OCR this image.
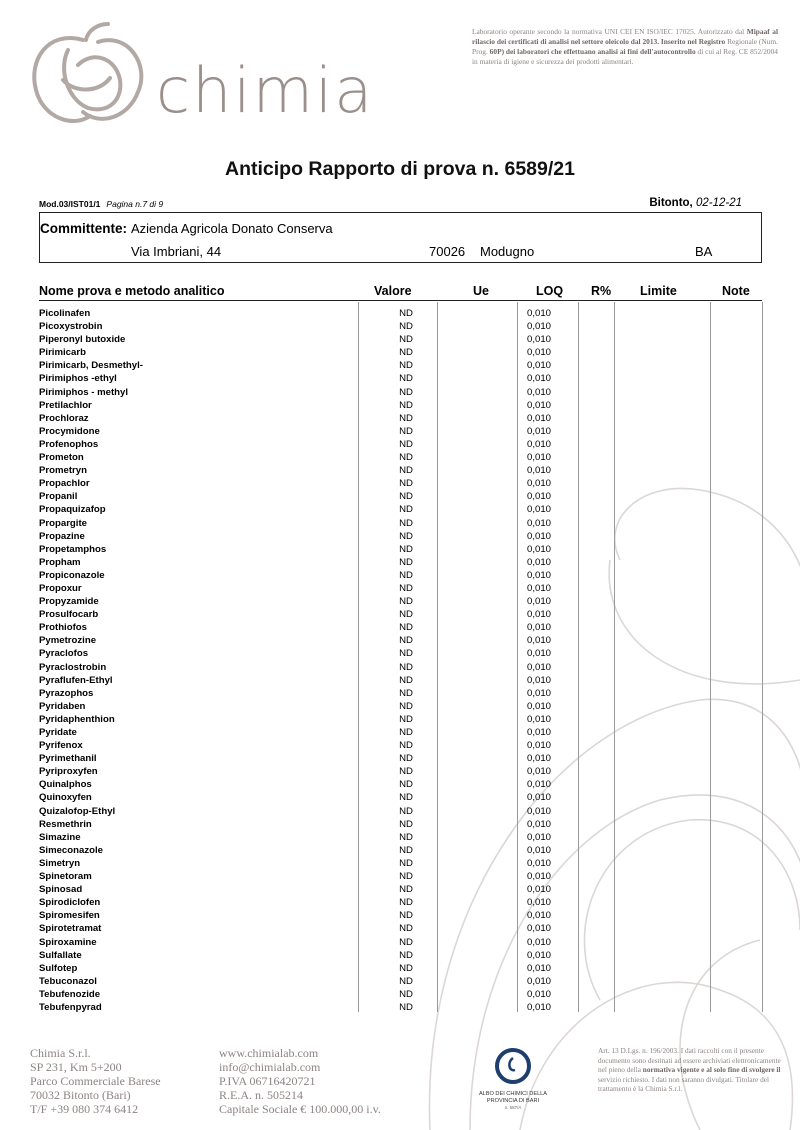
chimia
Laboratorio operante secondo la normativa UNI CEI EN ISO/IEC 17025. Autorizzato dal Mipaaf al rilascio dei certificati di analisi nel settore oleicolo dal 2013. Inserito nel Registro Regionale (Num. Prog. 60P) dei laboratori che effettuano analisi ai fini dell'autocontrollo di cui al Reg. CE 852/2004 in materia di igiene e sicurezza dei prodotti alimentari.
Anticipo Rapporto di prova n. 6589/21
Mod.03/IST01/1 Pagina n.7 di 9	Bitonto, 02-12-21
Committente: Azienda Agricola Donato Conserva
Via Imbriani, 44	70026 Modugno	BA
Nome prova e metodo analitico	Valore	Ue	LOQ R% Limite	Note
Picolinafen	ND	0,010
Picoxystrobin	ND	0,010
Piperonyl butoxide	ND	0,010
Pirimicarb	ND	0,010
Pirimicarb, Desmethyl-	ND	0,010
Pirimiphos -ethyl	ND	0,010
Pirimiphos - methyl	ND	0,010
Pretilachlor	ND	0,010
Prochloraz	ND	0,010
Procymidone	ND	0,010
Profenophos	ND	0,010
Prometon	ND	0,010
Prometryn	ND	0,010
Propachlor	ND	0,010
Propanil	ND	0,010
Propaquizafop	ND	0,010
Propargite	ND	0,010
Propazine	ND	0,010
Propetamphos	ND	0,010
Propham	ND	0,010
Propiconazole	ND	0,010
Propoxur	ND	0,010
Propyzamide	ND	0,010
Prosulfocarb	ND	0,010
Prothiofos	ND	0,010
Pymetrozine	ND	0,010
Pyraclofos	ND	0,010
Pyraclostrobin	ND	0,010
Pyraflufen-Ethyl	ND	0,010
Pyrazophos	ND	0,010
Pyridaben	ND	0,010
Pyridaphenthion	ND	0,010
Pyridate	ND	0,010
Pyrifenox	ND	0,010
Pyrimethanil	ND	0,010
Pyriproxyfen	ND	0,010
Quinalphos	ND	0,010
Quinoxyfen	ND	0,010
Quizalofop-Ethyl	ND	0,010
Resmethrin	ND	0,010
Simazine	ND	0,010
Simeconazole	ND	0,010
Simetryn	ND	0,010
Spinetoram	ND	0,010
Spinosad	ND	0,010
Spirodiclofen	ND	0,010
Spiromesifen	ND	0,010
Spirotetramat	ND	0,010
Spiroxamine	ND	0,010
Sulfallate	ND	0,010
Sulfotep	ND	0,010
Tebuconazol	ND	0,010
Tebufenozide	ND	0,010
Tebufenpyrad	ND	0,010
Chimia S.r.l.
SP 231, Km 5+200
Parco Commerciale Barese
70032 Bitonto (Bari)
T/F +39 080 374 6412
www.chimialab.com
info@chimialab.com
P.IVA 06716420721
R.E.A. n. 505214
Capitale Sociale € 100.000,00 i.v.
ALBO DEI CHIMICI DELLA
PROVINCIA DI BARI
n. 587/A
Art. 13 D.Lgs. n. 196/2003. I dati raccolti con il presente documento sono destinati ad essere archiviati elettronicamente nel pieno della normativa vigente e al solo fine di svolgere il servizio richiesto. I dati non saranno divulgati. Titolare del trattamento è la Chimia S.r.l.
